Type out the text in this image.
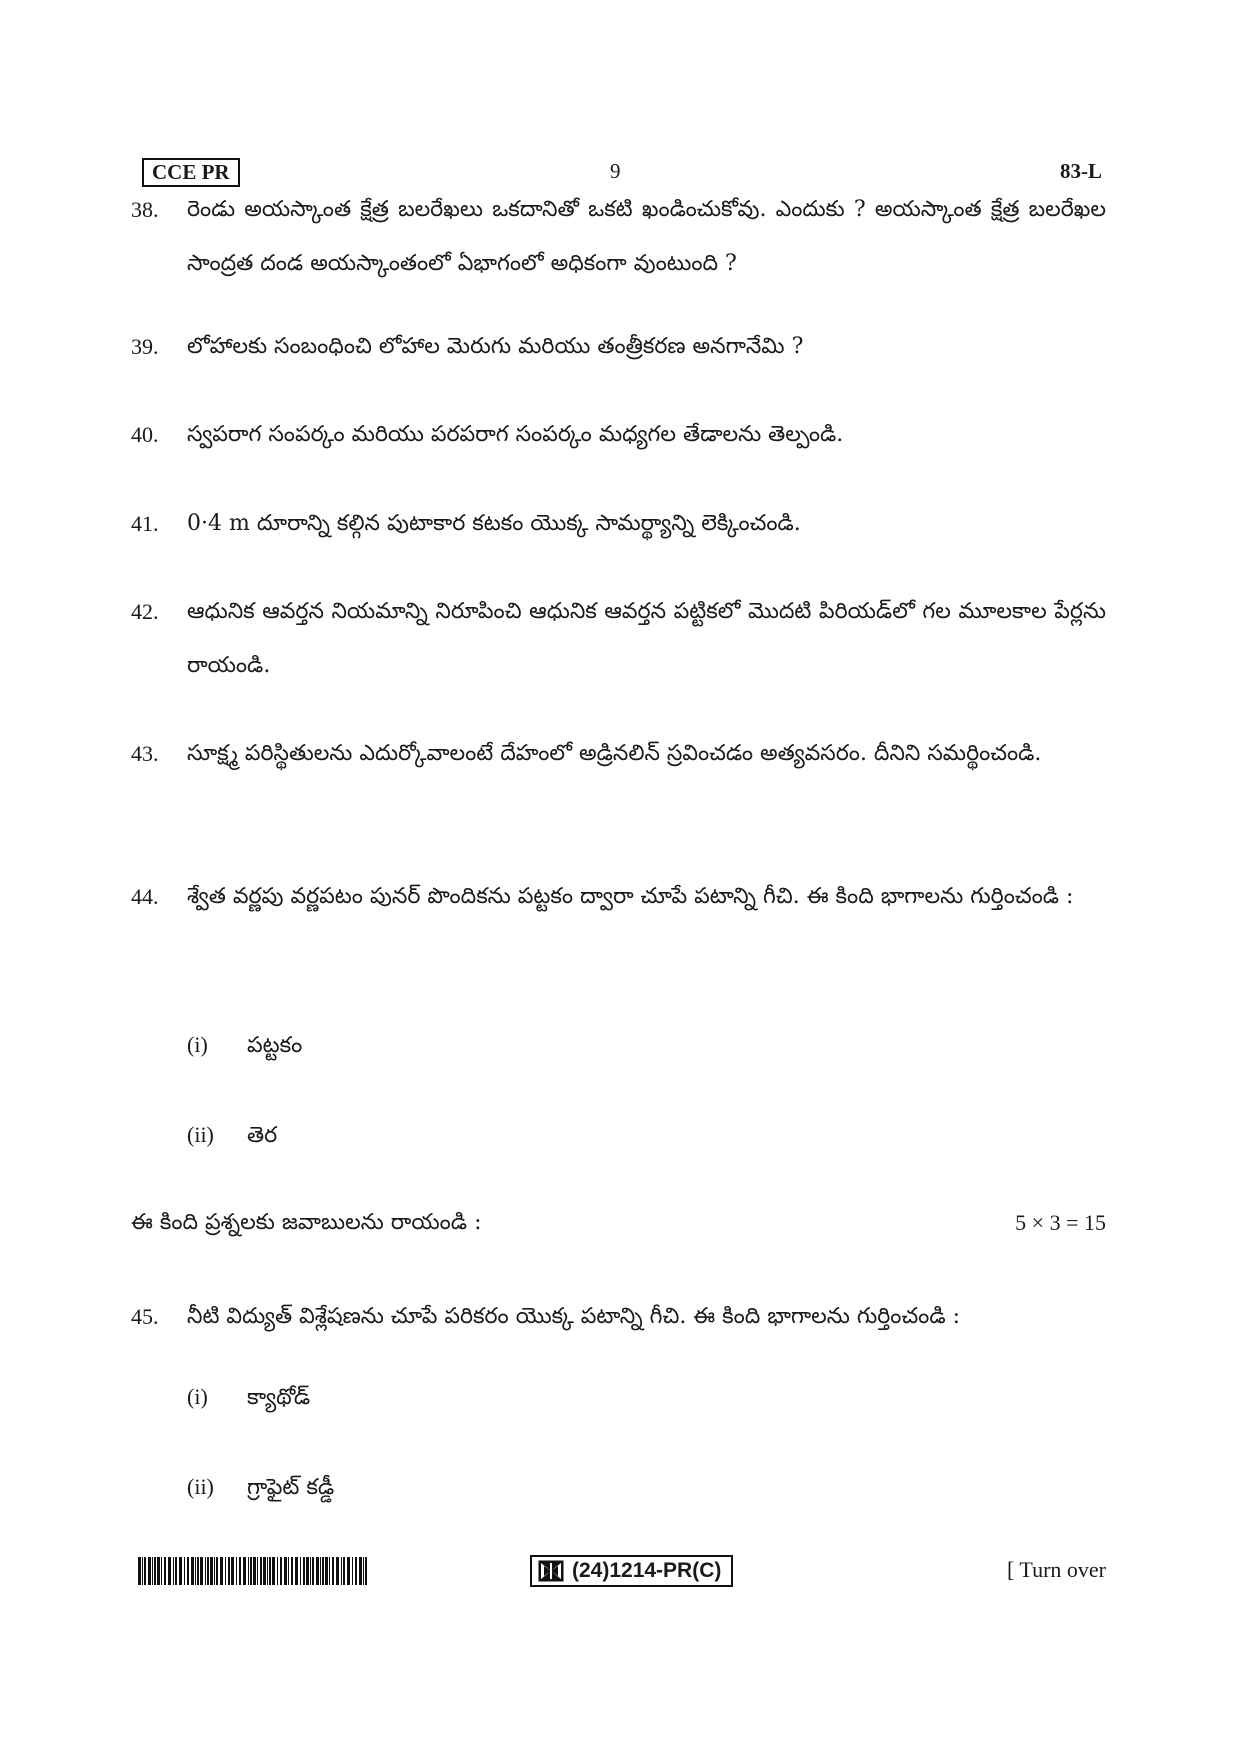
CCE PR	9	83-L
38. రెండు అయస్కాంత క్షేత్ర బలరేఖలు ఒకదానితో ఒకటి ఖండించుకోవు. ఎందుకు ? అయస్కాంత క్షేత్ర బలరేఖల సాంద్రత దండ అయస్కాంతంలో ఏభాగంలో అధికంగా వుంటుంది ?
39. లోహాలకు సంబంధించి లోహాల మెరుగు మరియు తంత్రీకరణ అనగానేమి ?
40. స్వపరాగ సంపర్కం మరియు పరపరాగ సంపర్కం మధ్యగల తేడాలను తెల్పండి.
41. 0·4 m దూరాన్ని కల్గిన పుటాకార కటకం యొక్క సామర్థ్యాన్ని లెక్కించండి.
42. ఆధునిక ఆవర్తన నియమాన్ని నిరూపించి ఆధునిక ఆవర్తన పట్టికలో మొదటి పిరియడ్‌లో గల మూలకాల పేర్లను రాయండి.
43. సూక్ష్మ పరిస్థితులను ఎదుర్కోవాలంటే దేహంలో అడ్రినలిన్ స్రవించడం అత్యవసరం. దీనిని సమర్థించండి.
44. శ్వేత వర్ణపు వర్ణపటం పునర్ పొందికను పట్టకం ద్వారా చూపే పటాన్ని గీచి. ఈ కింది భాగాలను గుర్తించండి :
(i) పట్టకం
(ii) తెర
ఈ కింది ప్రశ్నలకు జవాబులను రాయండి :	5 × 3 = 15
45. నీటి విద్యుత్ విశ్లేషణను చూపే పరికరం యొక్క పటాన్ని గీచి. ఈ కింది భాగాలను గుర్తించండి :
(i) క్యాథోడ్
(ii) గ్రాఫైట్ కడ్డీ
(24)1214-PR(C)	[ Turn over
